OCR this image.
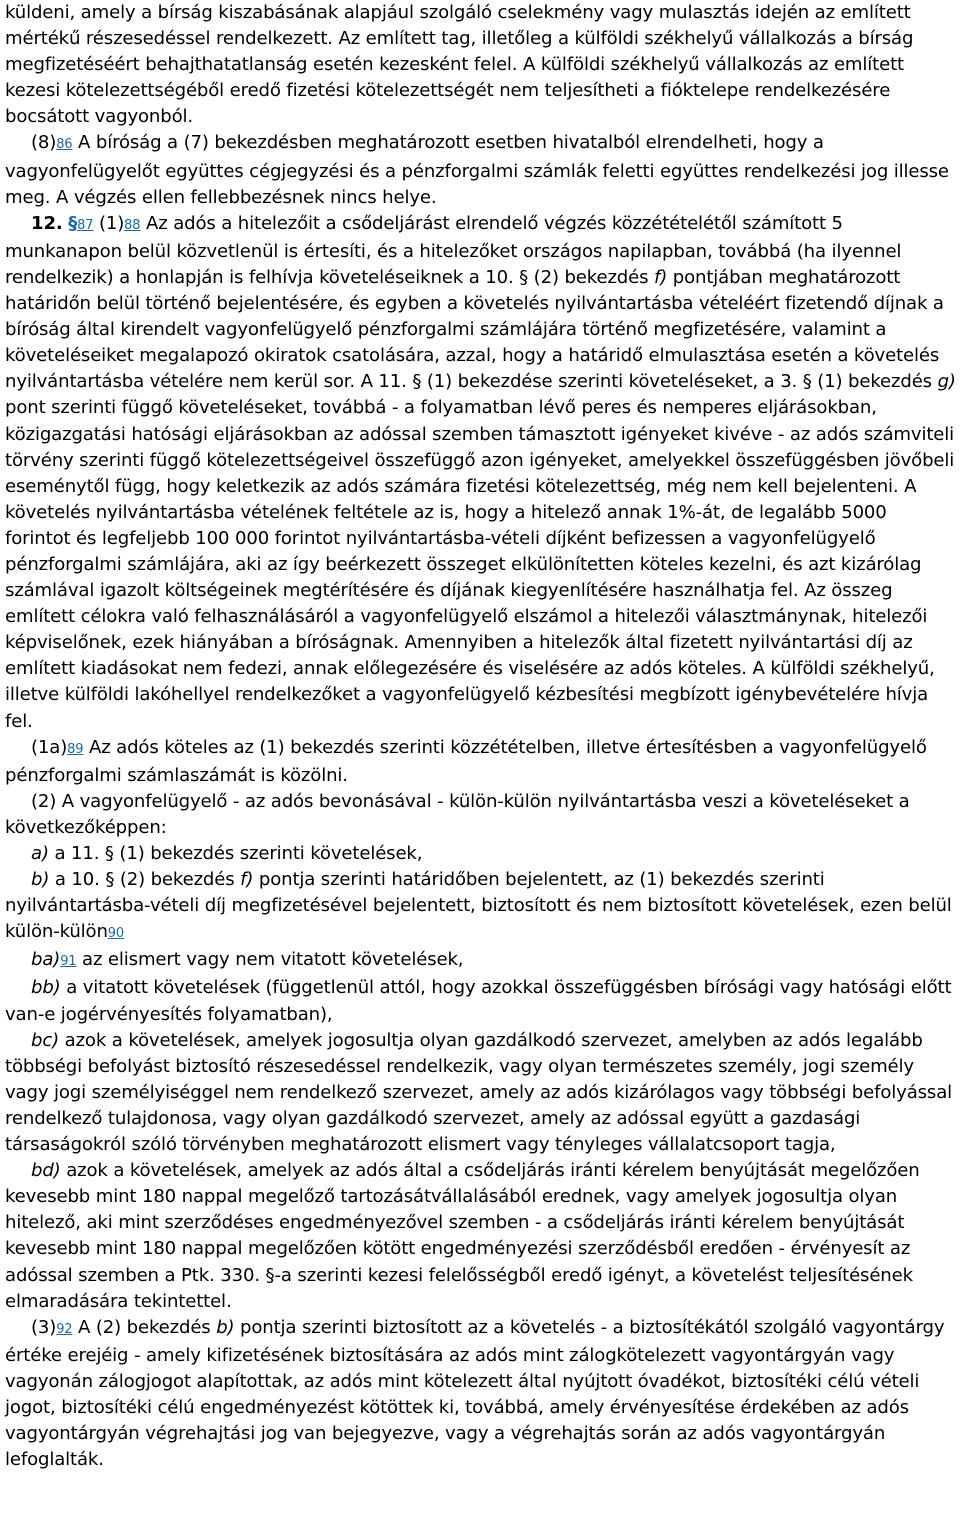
küldeni, amely a bírság kiszabásának alapjául szolgáló cselekmény vagy mulasztás idején az említett mértékű részesedéssel rendelkezett. Az említett tag, illetőleg a külföldi székhelyű vállalkozás a bírság megfizetéséért behajthatatlanság esetén kezesként felel. A külföldi székhelyű vállalkozás az említett kezesi kötelezettségéből eredő fizetési kötelezettségét nem teljesítheti a fióktelepe rendelkezésére bocsátott vagyonból.

(8)86 A bíróság a (7) bekezdésben meghatározott esetben hivatalból elrendelheti, hogy a vagyonfelügyelőt együttes cégjegyzési és a pénzforgalmi számlák feletti együttes rendelkezési jog illesse meg. A végzés ellen fellebbezésnek nincs helye.

12. §87 (1)88 Az adós a hitelezőit a csődeljárást elrendelő végzés közzétételétől számított 5 munkanapon belül közvetlenül is értesíti, és a hitelezőket országos napilapban, továbbá (ha ilyennel rendelkezik) a honlapján is felhívja követeléseiknek a 10. § (2) bekezdés f) pontjában meghatározott határidőn belül történő bejelentésére, és egyben a követelés nyilvántartásba vételéért fizetendő díjnak a bíróság által kirendelt vagyonfelügyelő pénzforgalmi számlájára történő megfizetésére, valamint a követeléseiket megalapozó okiratok csatolására, azzal, hogy a határidő elmulasztása esetén a követelés nyilvántartásba vételére nem kerül sor. A 11. § (1) bekezdése szerinti követeléseket, a 3. § (1) bekezdés g) pont szerinti függő követeléseket, továbbá - a folyamatban lévő peres és nemperes eljárásokban, közigazgatási hatósági eljárásokban az adóssal szemben támasztott igényeket kivéve - az adós számviteli törvény szerinti függő kötelezettségeivel összefüggő azon igényeket, amelyekkel összefüggésben jövőbeli eseménytől függ, hogy keletkezik az adós számára fizetési kötelezettség, még nem kell bejelenteni. A követelés nyilvántartásba vételének feltétele az is, hogy a hitelező annak 1%-át, de legalább 5000 forintot és legfeljebb 100 000 forintot nyilvántartásba-vételi díjként befizessen a vagyonfelügyelő pénzforgalmi számlájára, aki az így beérkezett összeget elkülönítetten köteles kezelni, és azt kizárólag számlával igazolt költségeinek megtérítésére és díjának kiegyenlítésére használhatja fel. Az összeg említett célokra való felhasználásáról a vagyonfelügyelő elszámol a hitelezői választmánynak, hitelezői képviselőnek, ezek hiányában a bíróságnak. Amennyiben a hitelezők által fizetett nyilvántartási díj az említett kiadásokat nem fedezi, annak előlegezésére és viselésére az adós köteles. A külföldi székhelyű, illetve külföldi lakóhellyel rendelkezőket a vagyonfelügyelő kézbesítési megbízott igénybevételére hívja fel.

(1a)89 Az adós köteles az (1) bekezdés szerinti közzétételben, illetve értesítésben a vagyonfelügyelő pénzforgalmi számlaszámát is közölni.

(2) A vagyonfelügyelő - az adós bevonásával - külön-külön nyilvántartásba veszi a követeléseket a következőképpen:

a) a 11. § (1) bekezdés szerinti követelések,

b) a 10. § (2) bekezdés f) pontja szerinti határidőben bejelentett, az (1) bekezdés szerinti nyilvántartásba-vételi díj megfizetésével bejelentett, biztosított és nem biztosított követelések, ezen belül külön-külön90

ba)91 az elismert vagy nem vitatott követelések,

bb) a vitatott követelések (függetlenül attól, hogy azokkal összefüggésben bírósági vagy hatósági előtt van-e jogérvényesítés folyamatban),

bc) azok a követelések, amelyek jogosultja olyan gazdálkodó szervezet, amelyben az adós legalább többségi befolyást biztosító részesedéssel rendelkezik, vagy olyan természetes személy, jogi személy vagy jogi személyiséggel nem rendelkező szervezet, amely az adós kizárólagos vagy többségi befolyással rendelkező tulajdonosa, vagy olyan gazdálkodó szervezet, amely az adóssal együtt a gazdasági társaságokról szóló törvényben meghatározott elismert vagy tényleges vállalatcsoport tagja,

bd) azok a követelések, amelyek az adós által a csődeljárás iránti kérelem benyújtását megelőzően kevesebb mint 180 nappal megelőző tartozásátvállalásából erednek, vagy amelyek jogosultja olyan hitelező, aki mint szerződéses engedményezővel szemben - a csődeljárás iránti kérelem benyújtását kevesebb mint 180 nappal megelőzően kötött engedményezési szerződésből eredően - érvényesít az adóssal szemben a Ptk. 330. §-a szerinti kezesi felelősségből eredő igényt, a követelést teljesítésének elmaradására tekintettel.

(3)92 A (2) bekezdés b) pontja szerinti biztosított az a követelés - a biztosítékától szolgáló vagyontárgy értéke erejéig - amely kifizetésének biztosítására az adós mint zálogkötelezett vagyontárgyán vagy vagyonán zálogjogot alapítottak, az adós mint kötelezett által nyújtott óvadékot, biztosítéki célú vételi jogot, biztosítéki célú engedményezést kötöttek ki, továbbá, amely érvényesítése érdekében az adós vagyontárgyán végrehajtási jog van bejegyezve, vagy a végrehajtás során az adós vagyontárgyán lefoglalták.
